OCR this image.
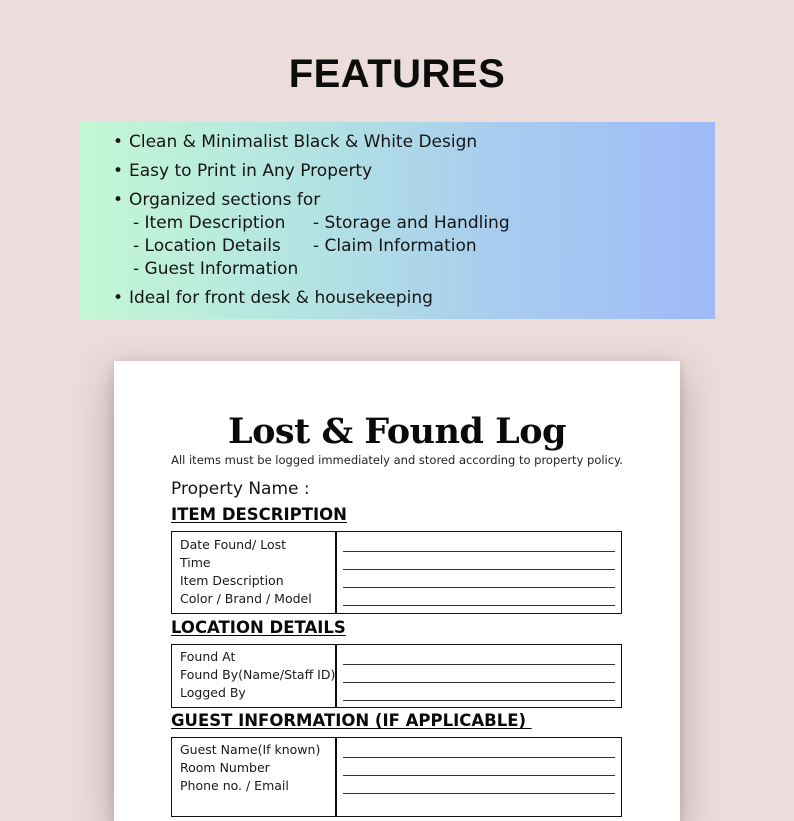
FEATURES
• Clean & Minimalist Black & White Design
• Easy to Print in Any Property
• Organized sections for
- Item Description - Storage and Handling
- Location Details - Claim Information
- Guest Information
• Ideal for front desk & housekeeping
Lost & Found Log
All items must be logged immediately and stored according to property policy.
Property Name :
ITEM DESCRIPTION
Date Found/ Lost
Time
Item Description
Color / Brand / Model
LOCATION DETAILS
Found At
Found By(Name/Staff ID)
Logged By
GUEST INFORMATION (IF APPLICABLE)
Guest Name(If known)
Room Number
Phone no. / Email
